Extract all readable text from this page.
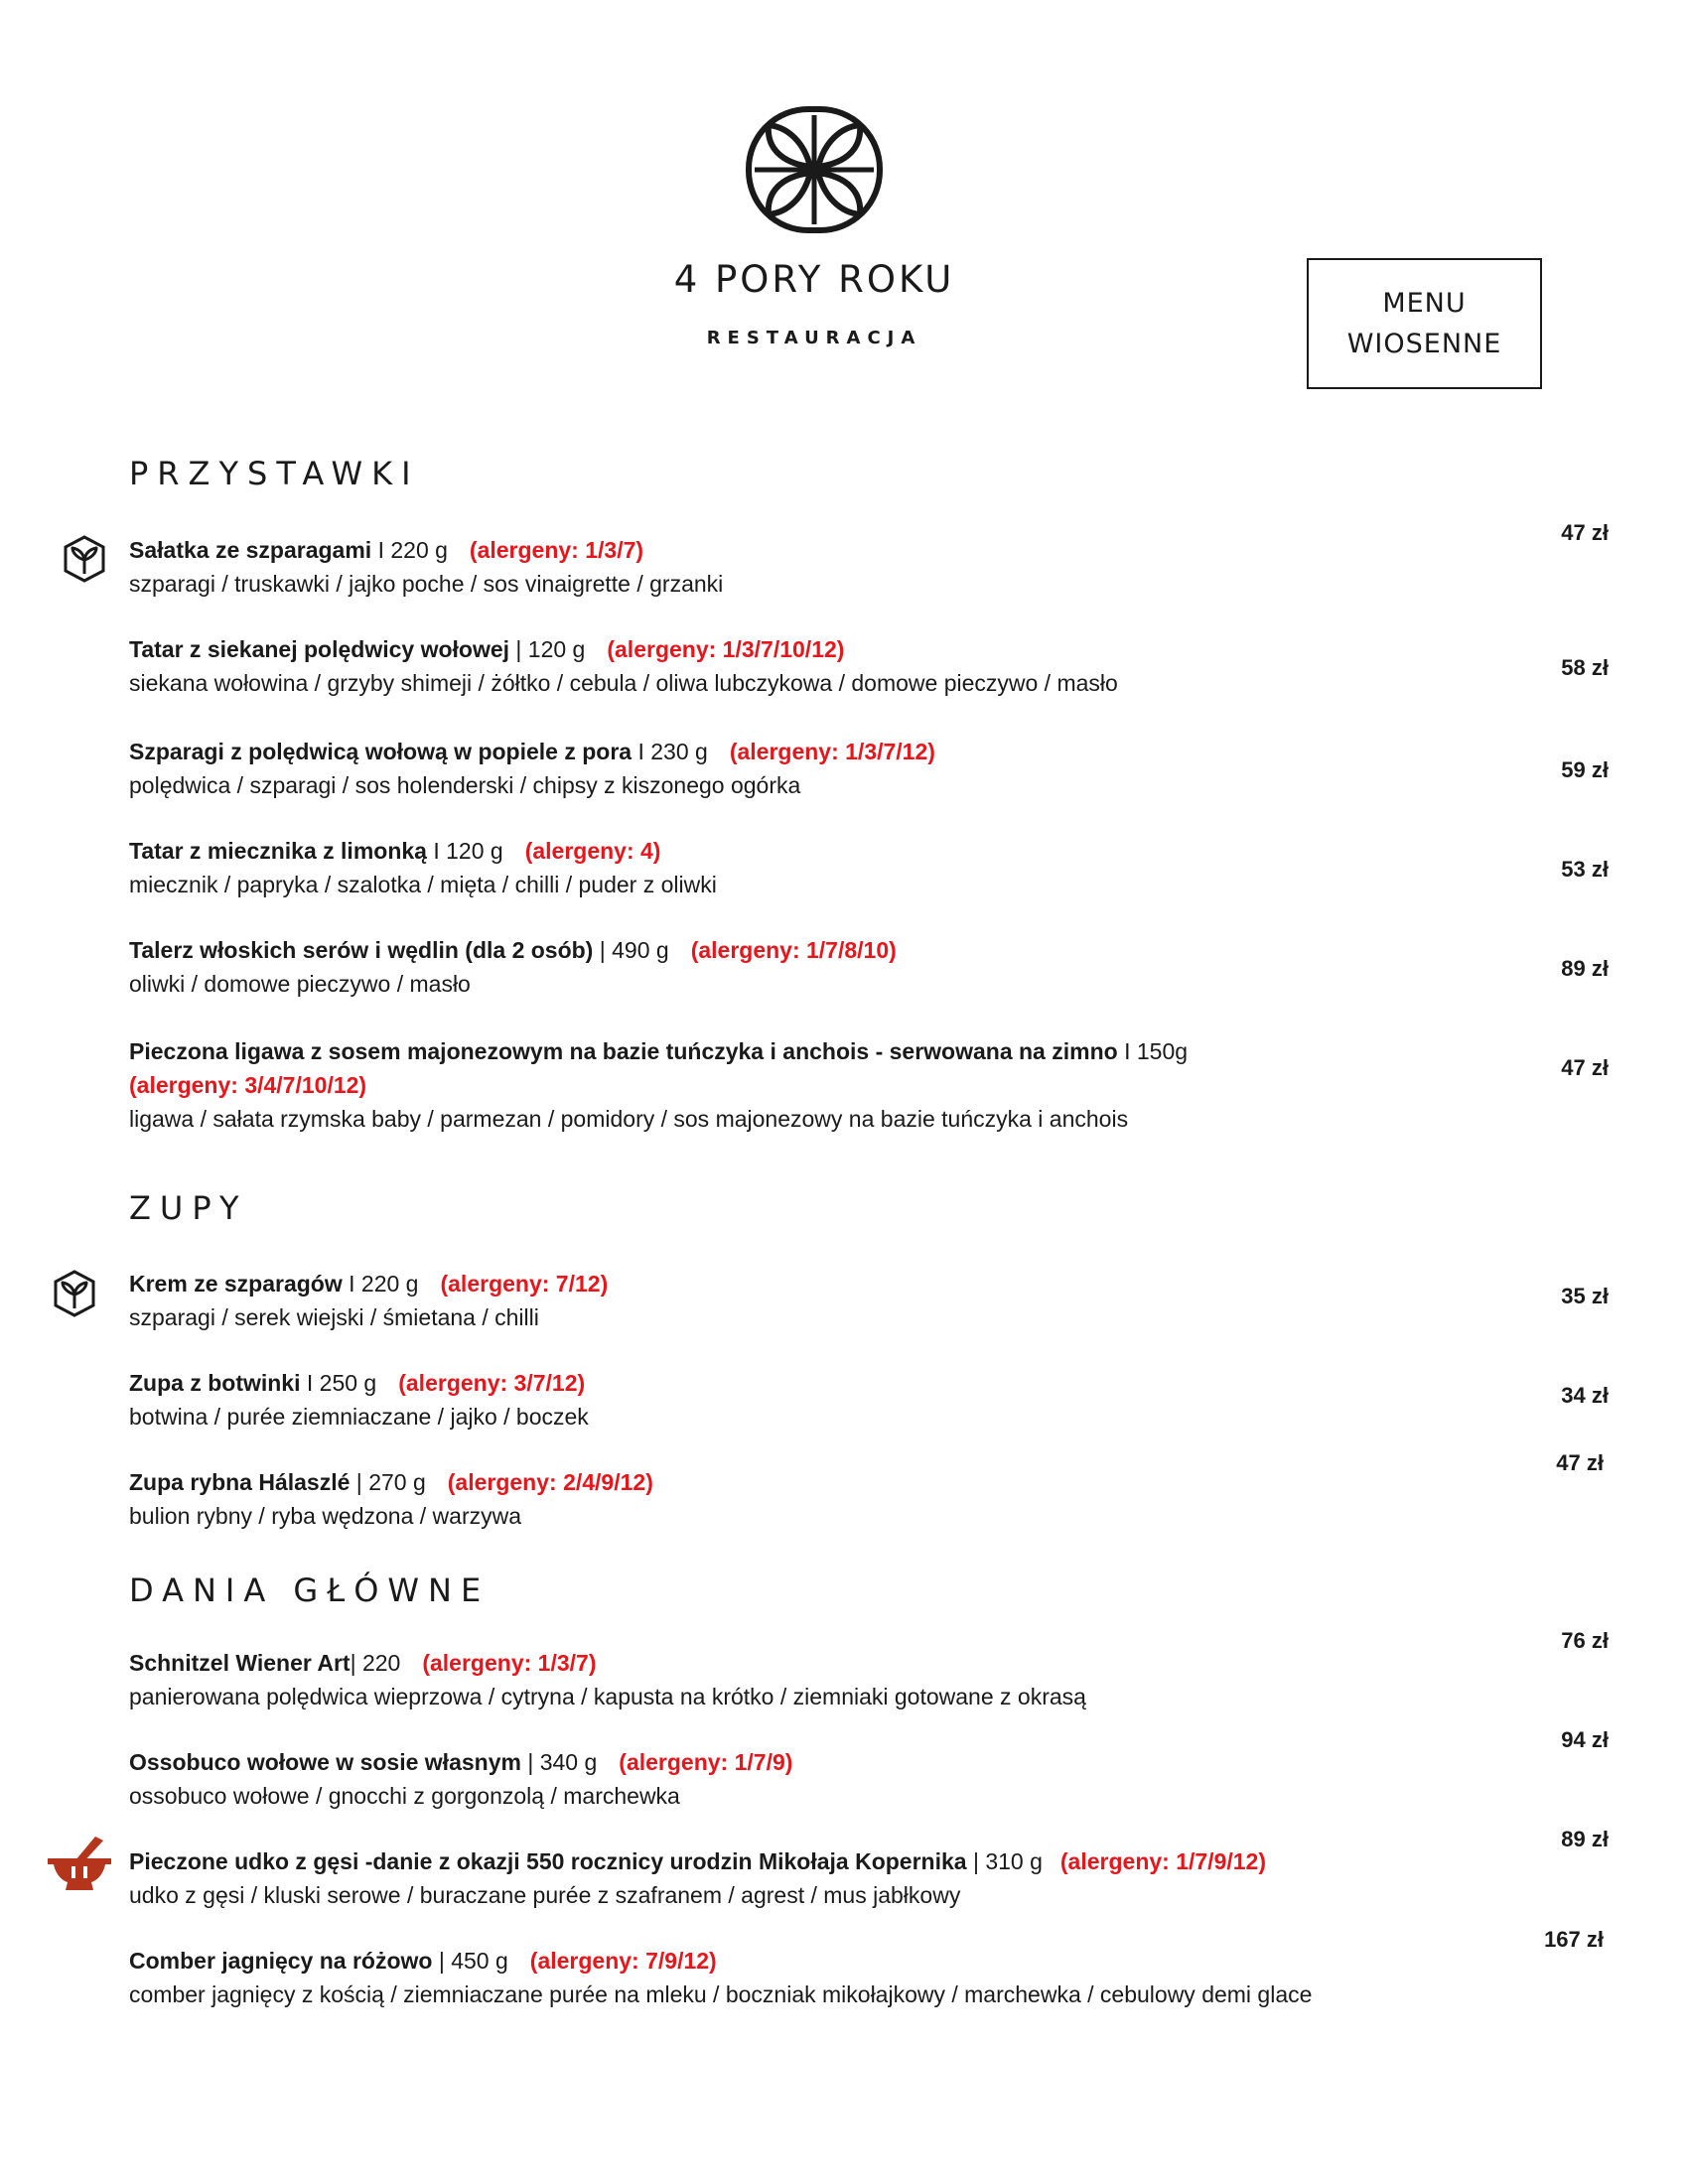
4 PORY ROKU
RESTAURACJA
MENU
WIOSENNE
PRZYSTAWKI
ZUPY
DANIA GŁÓWNE
Sałatka ze szparagami I 220 g (alergeny: 1/3/7)
szparagi / truskawki / jajko poche / sos vinaigrette / grzanki
47 zł
Tatar z siekanej polędwicy wołowej | 120 g (alergeny: 1/3/7/10/12)
siekana wołowina / grzyby shimeji / żółtko / cebula / oliwa lubczykowa / domowe pieczywo / masło
58 zł
Szparagi z polędwicą wołową w popiele z pora I 230 g (alergeny: 1/3/7/12)
polędwica / szparagi / sos holenderski / chipsy z kiszonego ogórka
59 zł
Tatar z miecznika z limonką I 120 g (alergeny: 4)
miecznik / papryka / szalotka / mięta / chilli / puder z oliwki
53 zł
Talerz włoskich serów i wędlin (dla 2 osób) | 490 g (alergeny: 1/7/8/10)
oliwki / domowe pieczywo / masło
89 zł
Pieczona ligawa z sosem majonezowym na bazie tuńczyka i anchois - serwowana na zimno I 150g
(alergeny: 3/4/7/10/12)
ligawa / sałata rzymska baby / parmezan / pomidory / sos majonezowy na bazie tuńczyka i anchois
47 zł
Krem ze szparagów I 220 g (alergeny: 7/12)
szparagi / serek wiejski / śmietana / chilli
35 zł
Zupa z botwinki I 250 g (alergeny: 3/7/12)
botwina / purée ziemniaczane / jajko / boczek
34 zł
Zupa rybna Hálaszlé | 270 g (alergeny: 2/4/9/12)
bulion rybny / ryba wędzona / warzywa
47 zł
Schnitzel Wiener Art| 220 (alergeny: 1/3/7)
panierowana polędwica wieprzowa / cytryna / kapusta na krótko / ziemniaki gotowane z okrasą
76 zł
Ossobuco wołowe w sosie własnym | 340 g (alergeny: 1/7/9)
ossobuco wołowe / gnocchi z gorgonzolą / marchewka
94 zł
Pieczone udko z gęsi -danie z okazji 550 rocznicy urodzin Mikołaja Kopernika | 310 g (alergeny: 1/7/9/12)
udko z gęsi / kluski serowe / buraczane purée z szafranem / agrest / mus jabłkowy
89 zł
Comber jagnięcy na różowo | 450 g (alergeny: 7/9/12)
comber jagnięcy z kością / ziemniaczane purée na mleku / boczniak mikołajkowy / marchewka / cebulowy demi glace
167 zł
